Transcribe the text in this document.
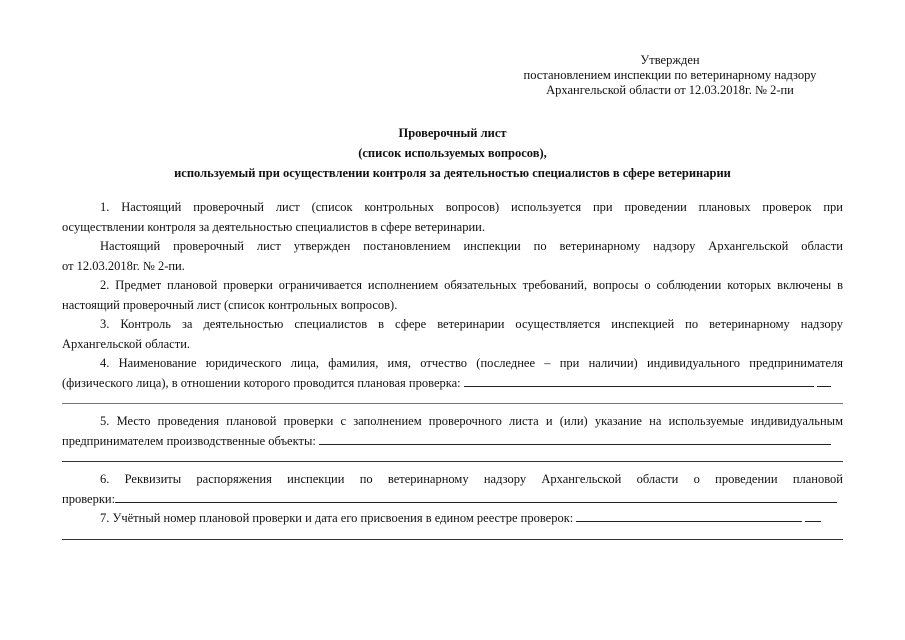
Утвержден
постановлением инспекции по ветеринарному надзору
Архангельской области от 12.03.2018г. № 2-пи
Проверочный лист
(список используемых вопросов),
используемый при осуществлении контроля за деятельностью специалистов в сфере ветеринарии
1. Настоящий проверочный лист (список контрольных вопросов) используется при проведении плановых проверок при
осуществлении контроля за деятельностью специалистов в сфере ветеринарии.
Настоящий проверочный лист утвержден постановлением инспекции по ветеринарному надзору Архангельской области
от 12.03.2018г. № 2-пи.
2. Предмет плановой проверки ограничивается исполнением обязательных требований, вопросы о соблюдении которых включены в
настоящий проверочный лист (список контрольных вопросов).
3. Контроль за деятельностью специалистов в сфере ветеринарии осуществляется инспекцией по ветеринарному надзору
Архангельской области.
4. Наименование юридического лица, фамилия, имя, отчество (последнее – при наличии) индивидуального предпринимателя
(физического лица), в отношении которого проводится плановая проверка:
5. Место проведения плановой проверки с заполнением проверочного листа и (или) указание на используемые индивидуальным
предпринимателем производственные объекты:
6. Реквизиты распоряжения инспекции по ветеринарному надзору Архангельской области о проведении плановой
проверки:
7. Учётный номер плановой проверки и дата его присвоения в едином реестре проверок:
